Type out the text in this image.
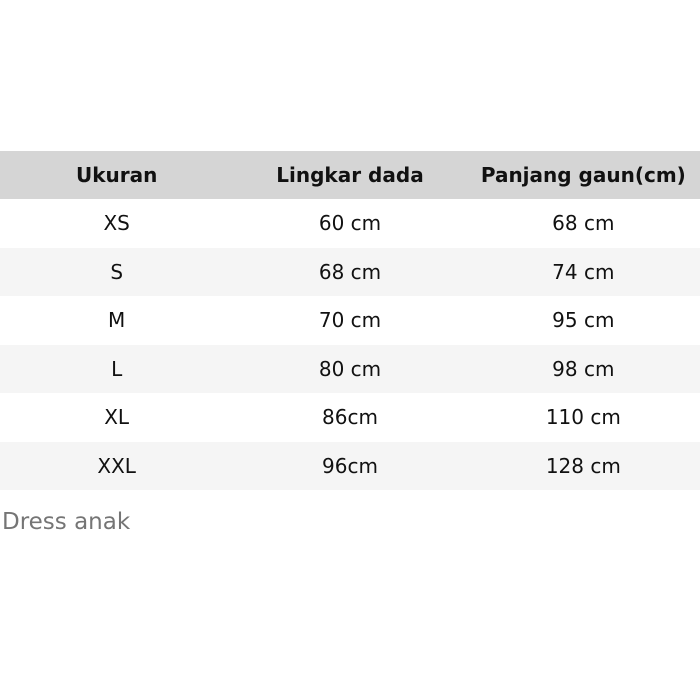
Ukuran	Lingkar dada	Panjang gaun(cm)
XS	60 cm	68 cm
S	68 cm	74 cm
M	70 cm	95 cm
L	80 cm	98 cm
XL	86cm	110 cm
XXL	96cm	128 cm
Dress anak
